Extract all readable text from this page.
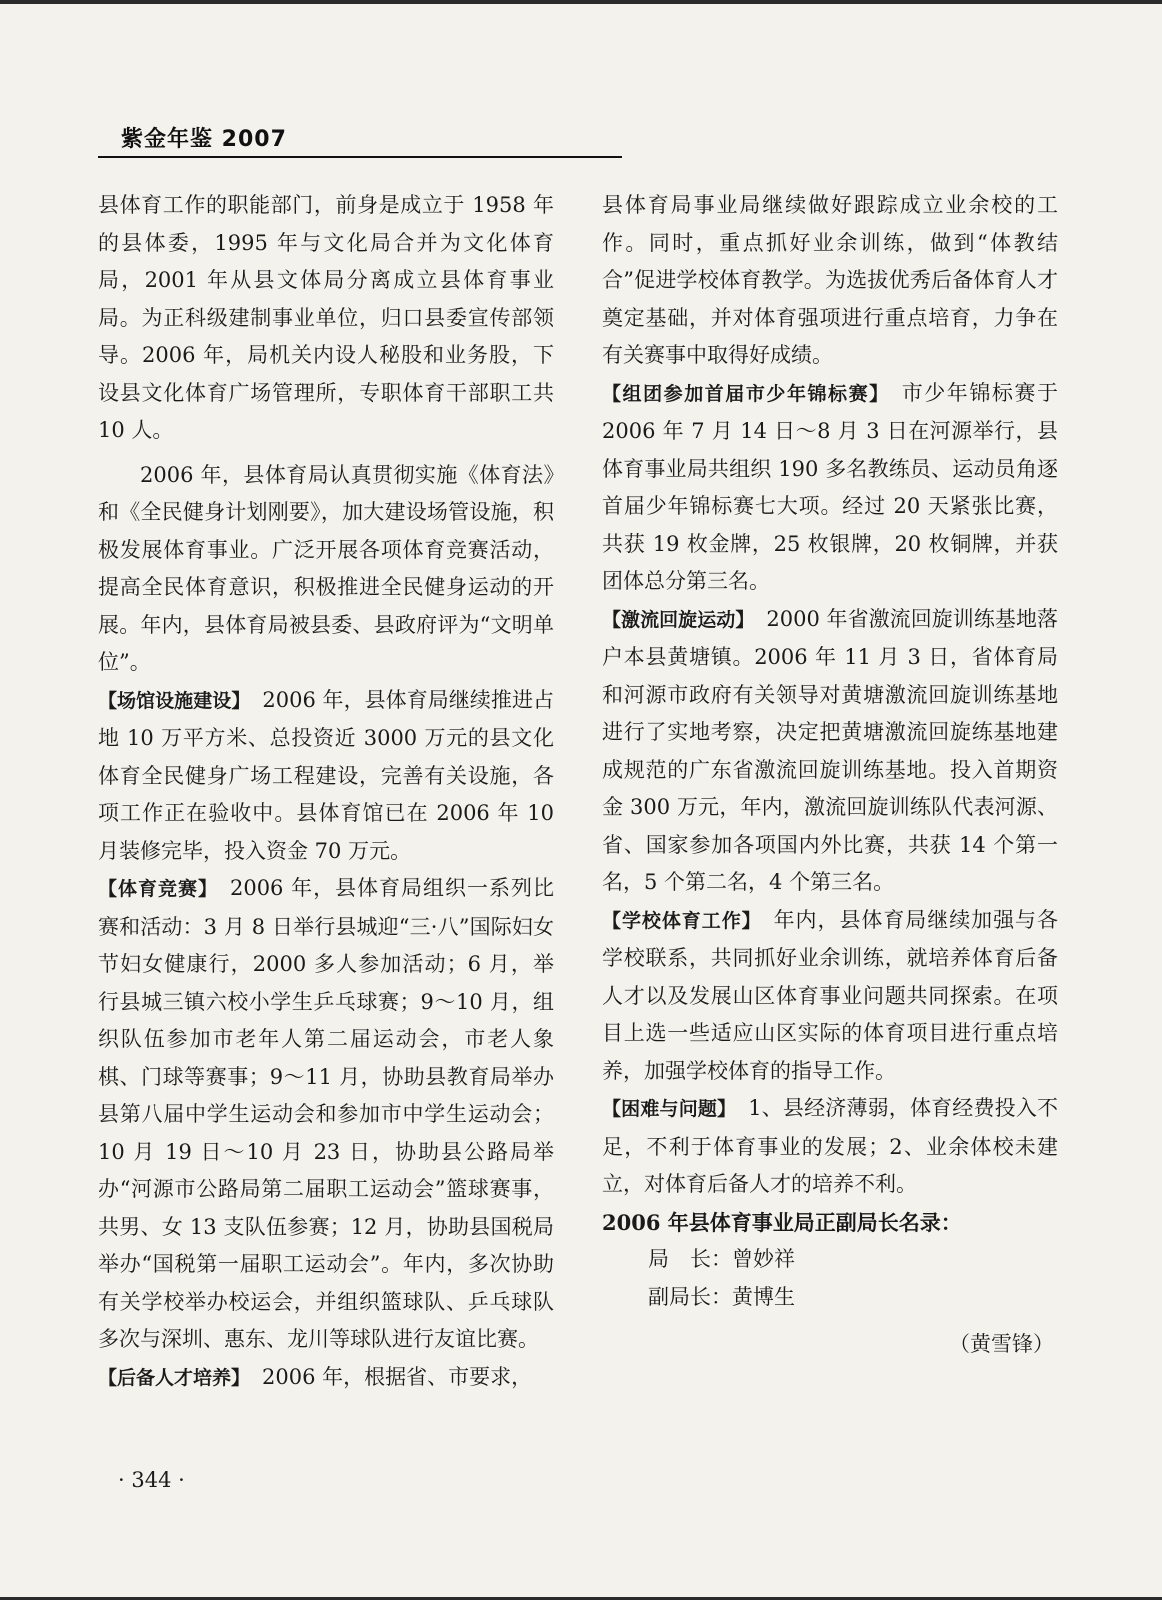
紫金年鉴 2007

县体育工作的职能部门，前身是成立于 1958 年的县体委，1995 年与文化局合并为文化体育局，2001 年从县文体局分离成立县体育事业局。为正科级建制事业单位，归口县委宣传部领导。2006 年，局机关内设人秘股和业务股，下设县文化体育广场管理所，专职体育干部职工共 10 人。

2006 年，县体育局认真贯彻实施《体育法》和《全民健身计划刚要》，加大建设场管设施，积极发展体育事业。广泛开展各项体育竞赛活动，提高全民体育意识，积极推进全民健身运动的开展。年内，县体育局被县委、县政府评为“文明单位”。

【场馆设施建设】 2006 年，县体育局继续推进占地 10 万平方米、总投资近 3000 万元的县文化体育全民健身广场工程建设，完善有关设施，各项工作正在验收中。县体育馆已在 2006 年 10 月装修完毕，投入资金 70 万元。

【体育竞赛】 2006 年，县体育局组织一系列比赛和活动：3 月 8 日举行县城迎“三·八”国际妇女节妇女健康行，2000 多人参加活动；6 月，举行县城三镇六校小学生乒乓球赛；9～10 月，组织队伍参加市老年人第二届运动会，市老人象棋、门球等赛事；9～11 月，协助县教育局举办县第八届中学生运动会和参加市中学生运动会；10 月 19 日～10 月 23 日，协助县公路局举办“河源市公路局第二届职工运动会”篮球赛事，共男、女 13 支队伍参赛；12 月，协助县国税局举办“国税第一届职工运动会”。年内，多次协助有关学校举办校运会，并组织篮球队、乒乓球队多次与深圳、惠东、龙川等球队进行友谊比赛。

【后备人才培养】 2006 年，根据省、市要求，

县体育局事业局继续做好跟踪成立业余校的工作。同时，重点抓好业余训练，做到“体教结合”促进学校体育教学。为选拔优秀后备体育人才奠定基础，并对体育强项进行重点培育，力争在有关赛事中取得好成绩。

【组团参加首届市少年锦标赛】 市少年锦标赛于 2006 年 7 月 14 日～8 月 3 日在河源举行，县体育事业局共组织 190 多名教练员、运动员角逐首届少年锦标赛七大项。经过 20 天紧张比赛，共获 19 枚金牌，25 枚银牌，20 枚铜牌，并获团体总分第三名。

【激流回旋运动】 2000 年省激流回旋训练基地落户本县黄塘镇。2006 年 11 月 3 日，省体育局和河源市政府有关领导对黄塘激流回旋训练基地进行了实地考察，决定把黄塘激流回旋练基地建成规范的广东省激流回旋训练基地。投入首期资金 300 万元，年内，激流回旋训练队代表河源、省、国家参加各项国内外比赛，共获 14 个第一名，5 个第二名，4 个第三名。

【学校体育工作】 年内，县体育局继续加强与各学校联系，共同抓好业余训练，就培养体育后备人才以及发展山区体育事业问题共同探索。在项目上选一些适应山区实际的体育项目进行重点培养，加强学校体育的指导工作。

【困难与问题】 1、县经济薄弱，体育经费投入不足，不利于体育事业的发展；2、业余体校未建立，对体育后备人才的培养不利。

2006 年县体育事业局正副局长名录：

局　长：曾妙祥

副局长：黄博生

（黄雪锋）

· 344 ·
